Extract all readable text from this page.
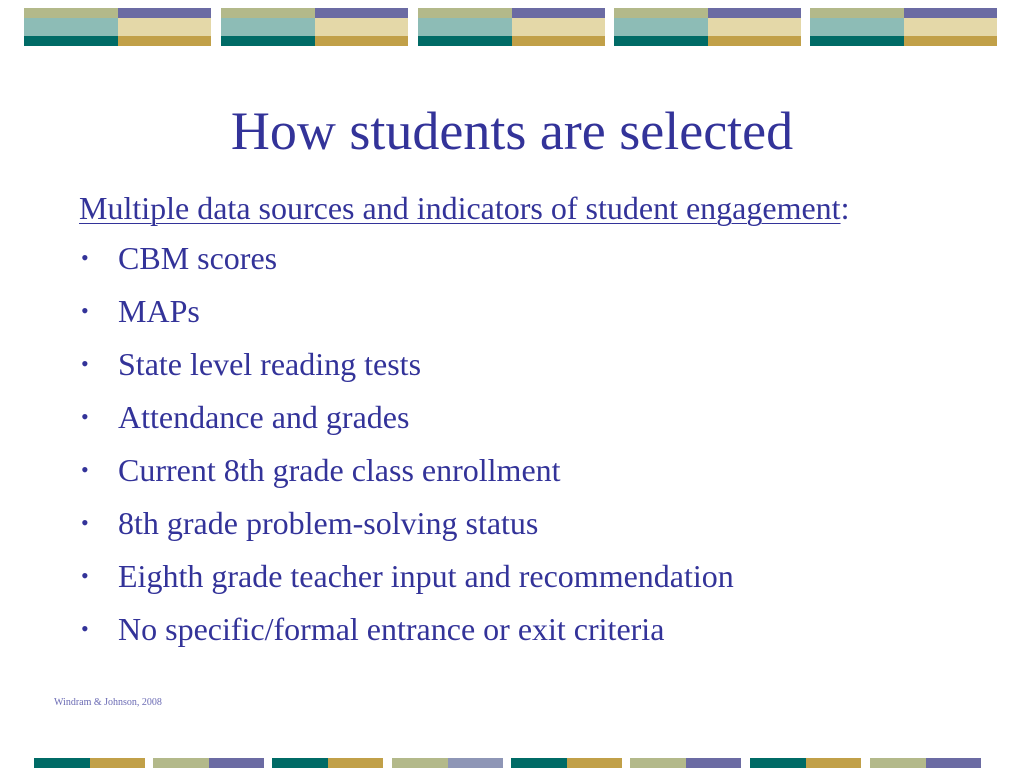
How students are selected

Multiple data sources and indicators of student engagement:

• CBM scores
• MAPs
• State level reading tests
• Attendance and grades
• Current 8th grade class enrollment
• 8th grade problem-solving status
• Eighth grade teacher input and recommendation
• No specific/formal entrance or exit criteria
Windram & Johnson, 2008
